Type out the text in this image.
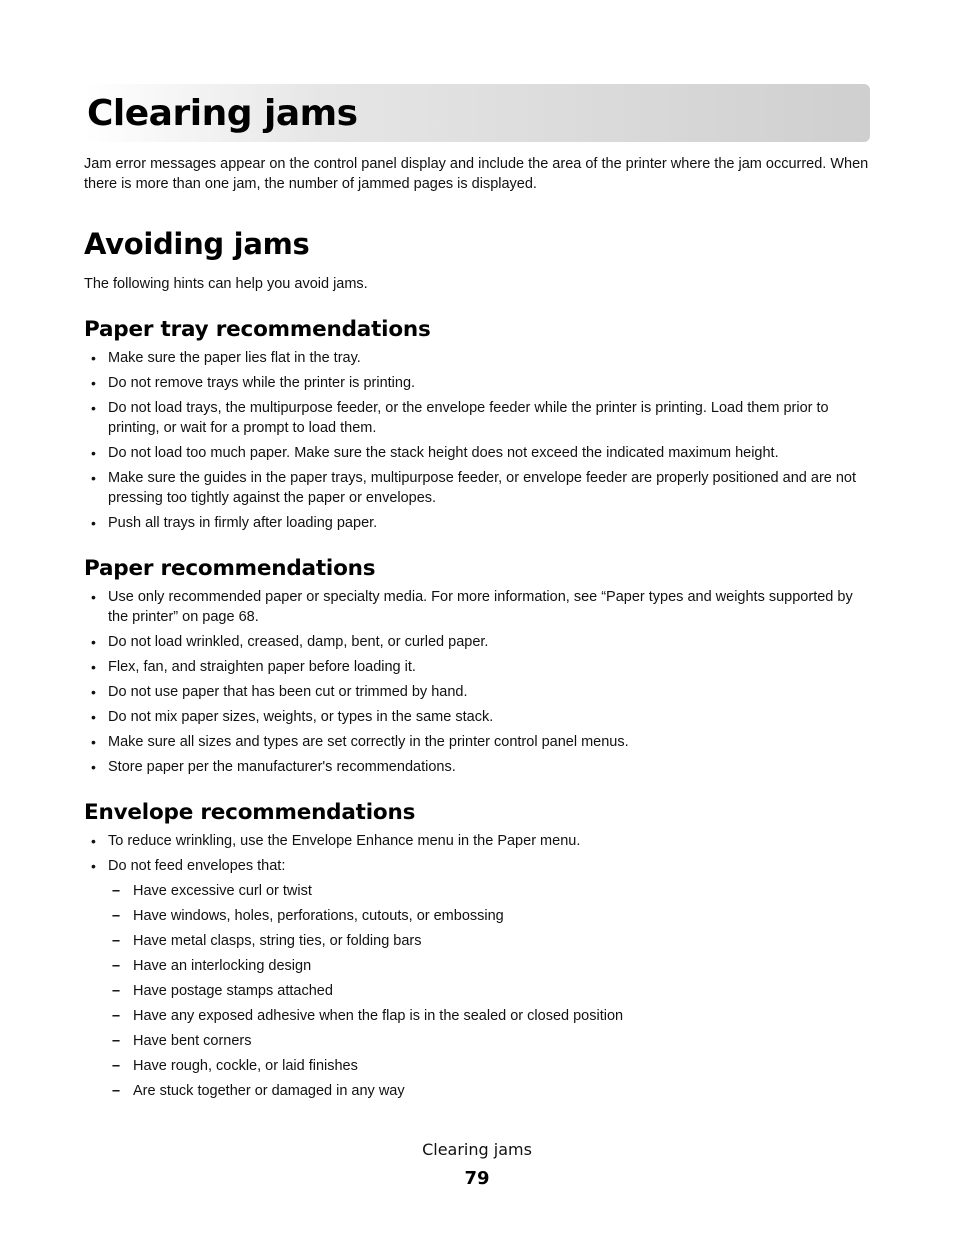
Clearing jams

Jam error messages appear on the control panel display and include the area of the printer where the jam occurred. When there is more than one jam, the number of jammed pages is displayed.

Avoiding jams

The following hints can help you avoid jams.

Paper tray recommendations
• Make sure the paper lies flat in the tray.
• Do not remove trays while the printer is printing.
• Do not load trays, the multipurpose feeder, or the envelope feeder while the printer is printing. Load them prior to printing, or wait for a prompt to load them.
• Do not load too much paper. Make sure the stack height does not exceed the indicated maximum height.
• Make sure the guides in the paper trays, multipurpose feeder, or envelope feeder are properly positioned and are not pressing too tightly against the paper or envelopes.
• Push all trays in firmly after loading paper.
Paper recommendations
• Use only recommended paper or specialty media. For more information, see “Paper types and weights supported by the printer” on page 68.
• Do not load wrinkled, creased, damp, bent, or curled paper.
• Flex, fan, and straighten paper before loading it.
• Do not use paper that has been cut or trimmed by hand.
• Do not mix paper sizes, weights, or types in the same stack.
• Make sure all sizes and types are set correctly in the printer control panel menus.
• Store paper per the manufacturer's recommendations.
Envelope recommendations
• To reduce wrinkling, use the Envelope Enhance menu in the Paper menu.
• Do not feed envelopes that:
– Have excessive curl or twist
– Have windows, holes, perforations, cutouts, or embossing
– Have metal clasps, string ties, or folding bars
– Have an interlocking design
– Have postage stamps attached
– Have any exposed adhesive when the flap is in the sealed or closed position
– Have bent corners
– Have rough, cockle, or laid finishes
– Are stuck together or damaged in any way
Clearing jams
79
